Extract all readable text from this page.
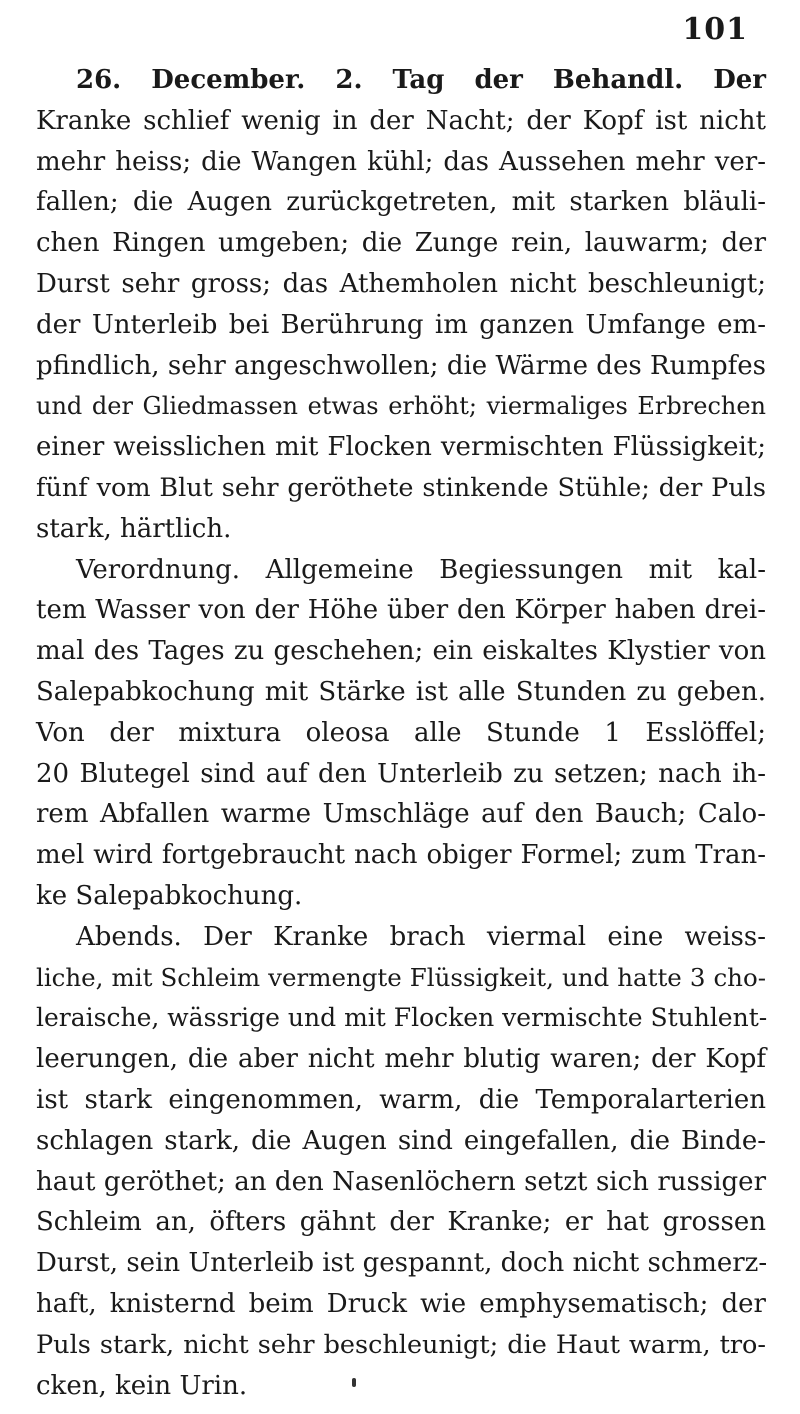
101
26. December. 2. Tag der Behandl. Der
Kranke schlief wenig in der Nacht; der Kopf ist nicht
mehr heiss; die Wangen kühl; das Aussehen mehr ver-
fallen; die Augen zurückgetreten, mit starken bläuli-
chen Ringen umgeben; die Zunge rein, lauwarm; der
Durst sehr gross; das Athemholen nicht beschleunigt;
der Unterleib bei Berührung im ganzen Umfange em-
pfindlich, sehr angeschwollen; die Wärme des Rumpfes
und der Gliedmassen etwas erhöht; viermaliges Erbrechen
einer weisslichen mit Flocken vermischten Flüssigkeit;
fünf vom Blut sehr geröthete stinkende Stühle; der Puls
stark, härtlich.
Verordnung. Allgemeine Begiessungen mit kal-
tem Wasser von der Höhe über den Körper haben drei-
mal des Tages zu geschehen; ein eiskaltes Klystier von
Salepabkochung mit Stärke ist alle Stunden zu geben.
Von der mixtura oleosa alle Stunde 1 Esslöffel;
20 Blutegel sind auf den Unterleib zu setzen; nach ih-
rem Abfallen warme Umschläge auf den Bauch; Calo-
mel wird fortgebraucht nach obiger Formel; zum Tran-
ke Salepabkochung.
Abends. Der Kranke brach viermal eine weiss-
liche, mit Schleim vermengte Flüssigkeit, und hatte 3 cho-
leraische, wässrige und mit Flocken vermischte Stuhlent-
leerungen, die aber nicht mehr blutig waren; der Kopf
ist stark eingenommen, warm, die Temporalarterien
schlagen stark, die Augen sind eingefallen, die Binde-
haut geröthet; an den Nasenlöchern setzt sich russiger
Schleim an, öfters gähnt der Kranke; er hat grossen
Durst, sein Unterleib ist gespannt, doch nicht schmerz-
haft, knisternd beim Druck wie emphysematisch; der
Puls stark, nicht sehr beschleunigt; die Haut warm, tro-
cken, kein Urin.
